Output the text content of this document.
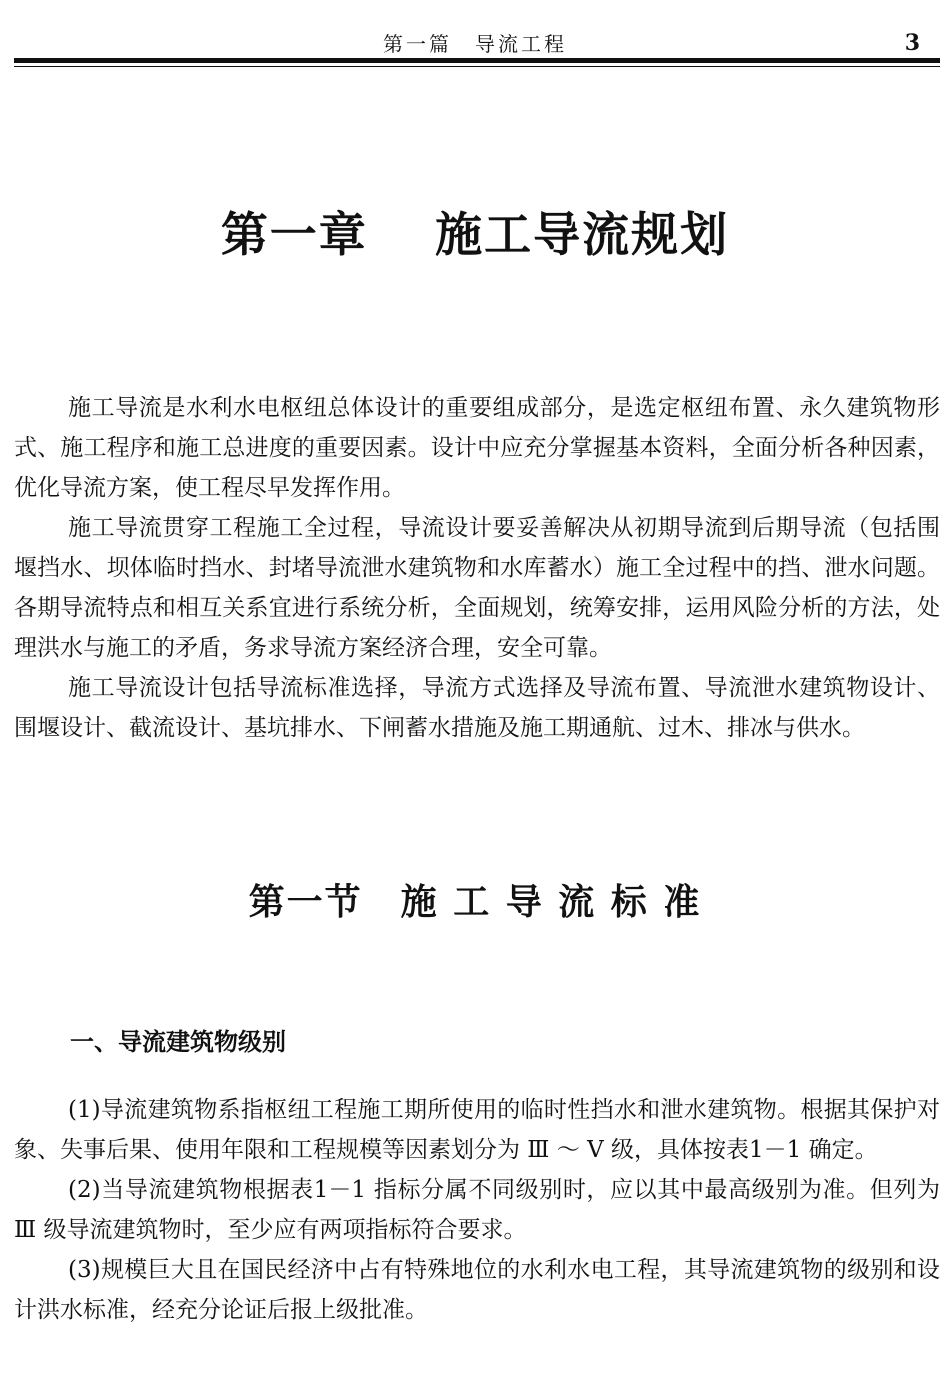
第一篇　导流工程	3
第一章　 施工导流规划

施工导流是水利水电枢纽总体设计的重要组成部分，是选定枢纽布置、永久建筑物形式、施工程序和施工总进度的重要因素。设计中应充分掌握基本资料，全面分析各种因素，优化导流方案，使工程尽早发挥作用。

施工导流贯穿工程施工全过程，导流设计要妥善解决从初期导流到后期导流（包括围堰挡水、坝体临时挡水、封堵导流泄水建筑物和水库蓄水）施工全过程中的挡、泄水问题。各期导流特点和相互关系宜进行系统分析，全面规划，统筹安排，运用风险分析的方法，处理洪水与施工的矛盾，务求导流方案经济合理，安全可靠。

施工导流设计包括导流标准选择，导流方式选择及导流布置、导流泄水建筑物设计、围堰设计、截流设计、基坑排水、下闸蓄水措施及施工期通航、过木、排冰与供水。

第一节　施 工 导 流 标 准
一、导流建筑物级别

(1)导流建筑物系指枢纽工程施工期所使用的临时性挡水和泄水建筑物。根据其保护对象、失事后果、使用年限和工程规模等因素划分为 Ⅲ ～ Ⅴ 级，具体按表1－1 确定。

(2)当导流建筑物根据表1－1 指标分属不同级别时，应以其中最高级别为准。但列为 Ⅲ 级导流建筑物时，至少应有两项指标符合要求。

(3)规模巨大且在国民经济中占有特殊地位的水利水电工程，其导流建筑物的级别和设计洪水标准，经充分论证后报上级批准。
